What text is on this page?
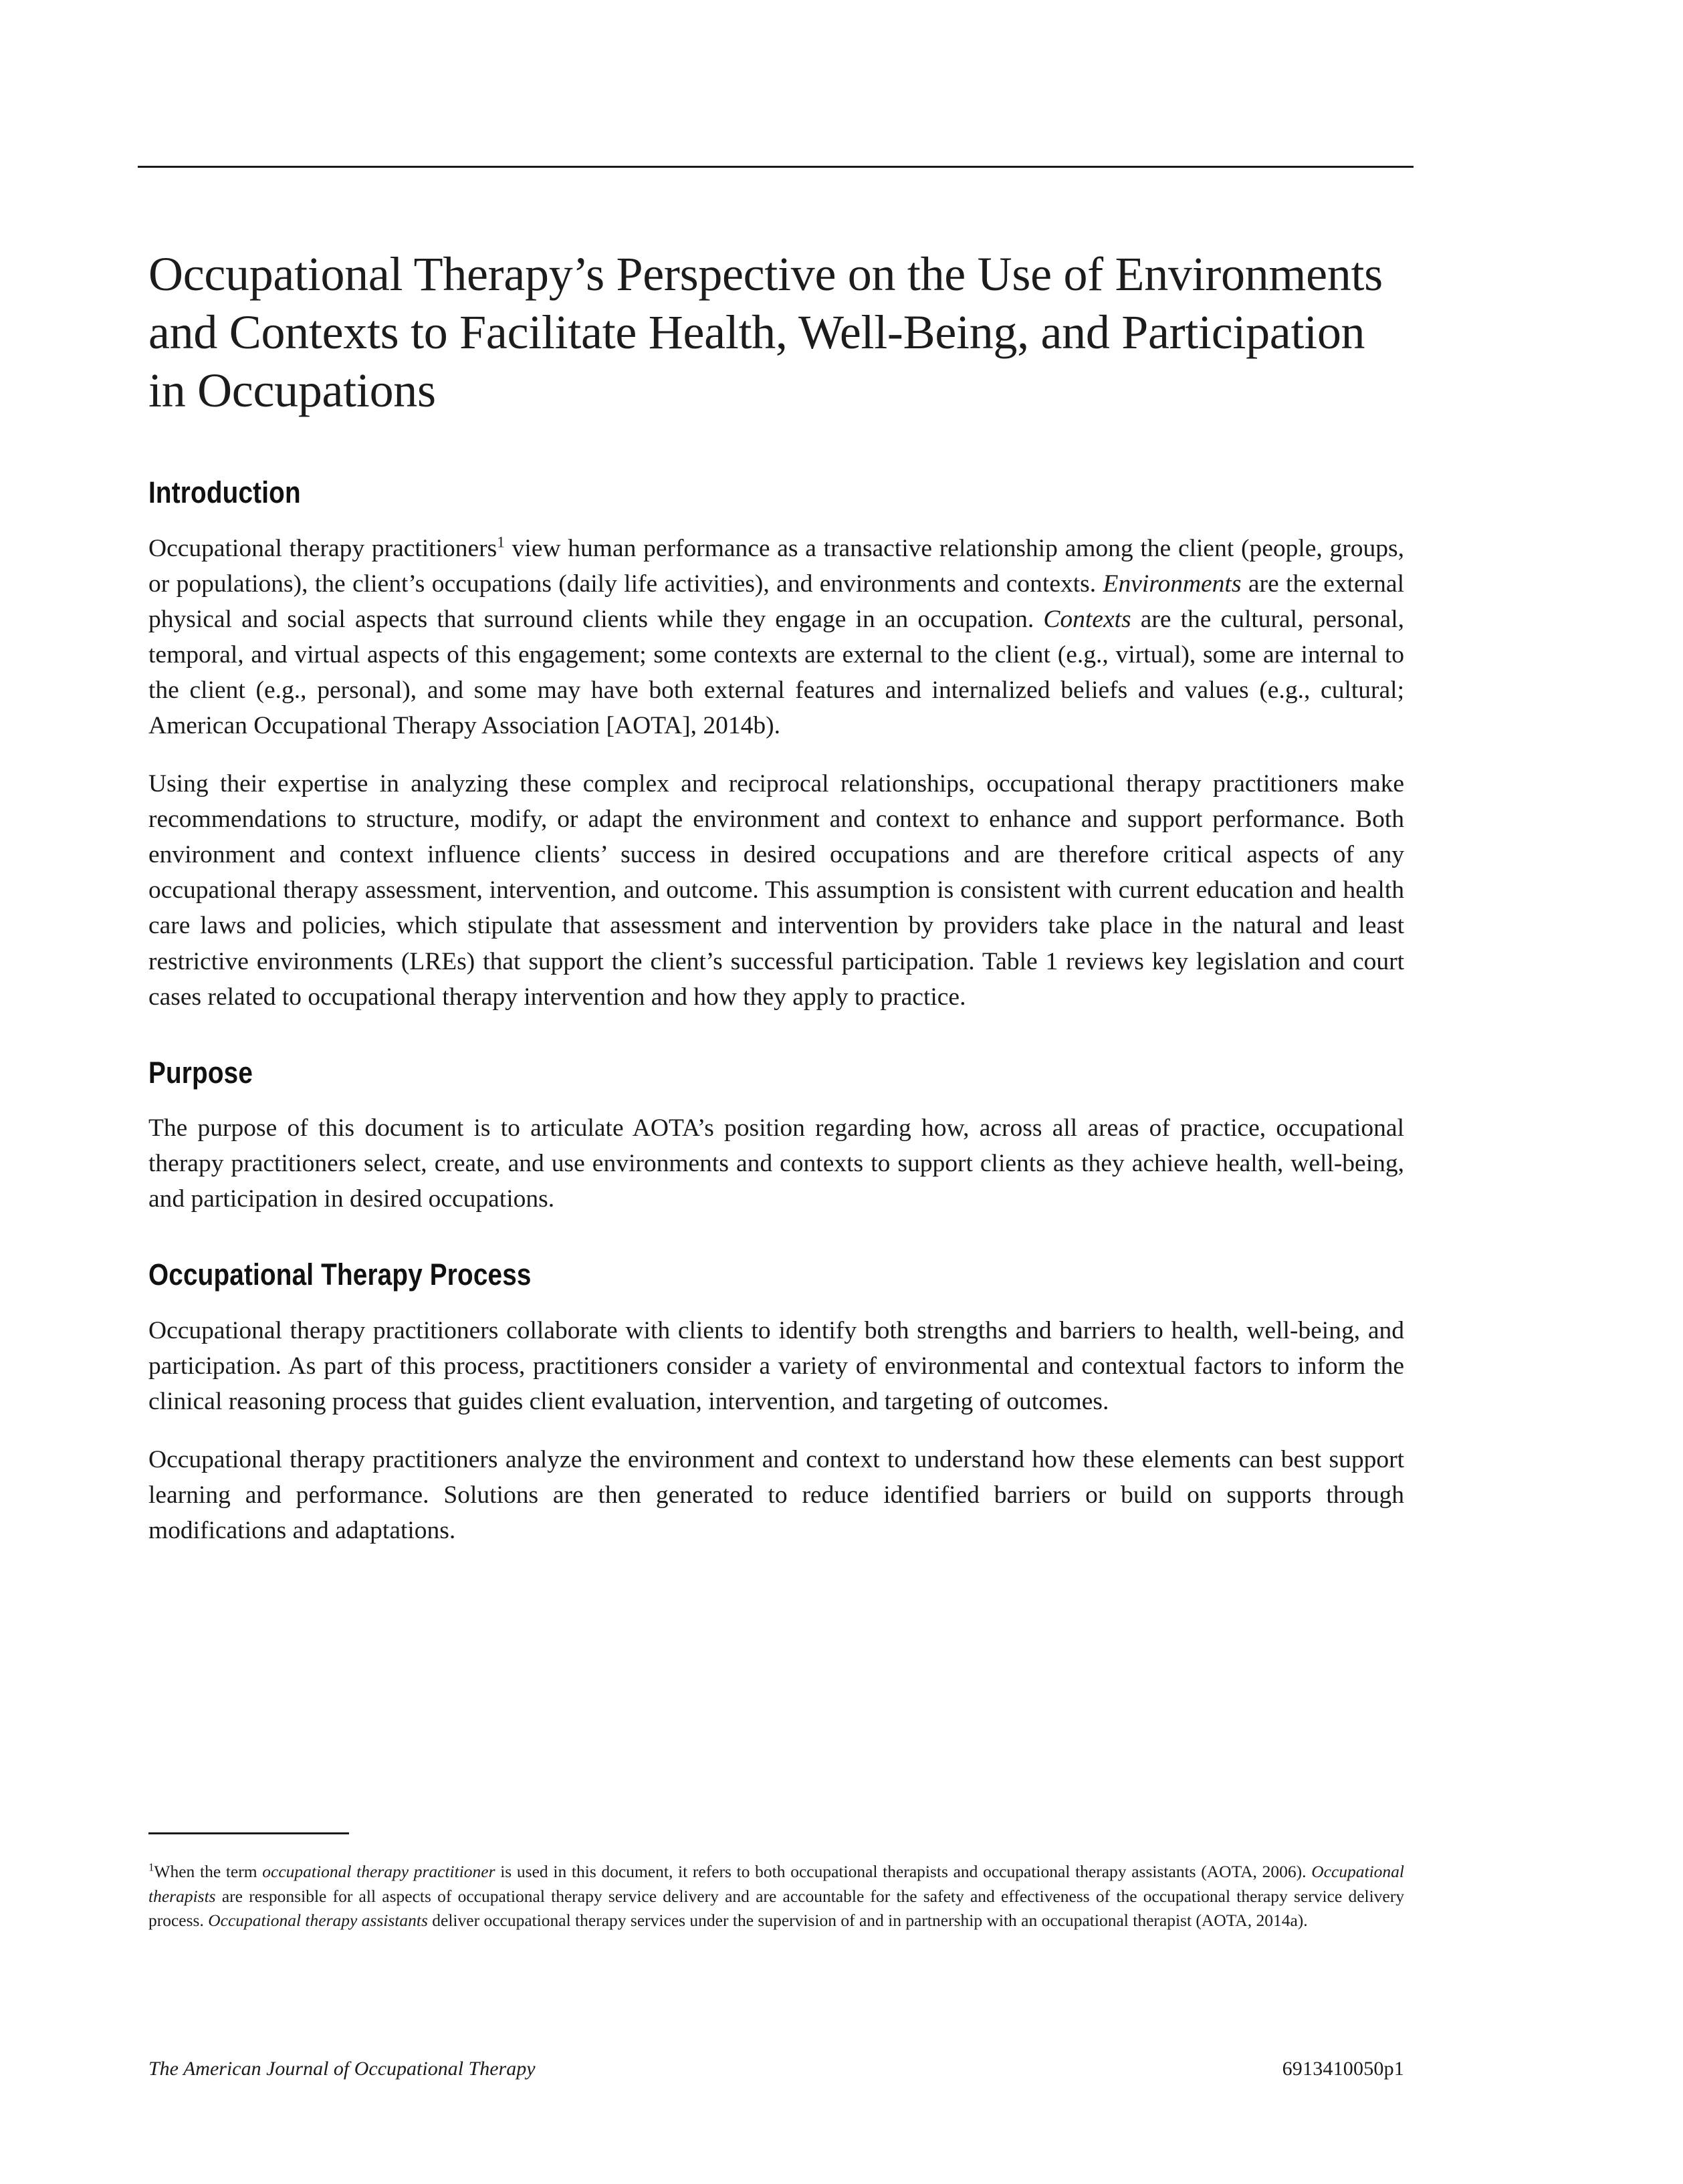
Occupational Therapy’s Perspective on the Use of Environments and Contexts to Facilitate Health, Well-Being, and Participation in Occupations
Introduction

Occupational therapy practitioners$^1$ view human performance as a transactive relationship among the client (people, groups, or populations), the client’s occupations (daily life activities), and environments and contexts. Environments are the external physical and social aspects that surround clients while they engage in an occupation. Contexts are the cultural, personal, temporal, and virtual aspects of this engagement; some contexts are external to the client (e.g., virtual), some are internal to the client (e.g., personal), and some may have both external features and internalized beliefs and values (e.g., cultural; American Occupational Therapy Association [AOTA], 2014b).

Using their expertise in analyzing these complex and reciprocal relationships, occupational therapy practitioners make recommendations to structure, modify, or adapt the environment and context to enhance and support performance. Both environment and context influence clients’ success in desired occupations and are therefore critical aspects of any occupational therapy assessment, intervention, and outcome. This assumption is consistent with current education and health care laws and policies, which stipulate that assessment and intervention by providers take place in the natural and least restrictive environments (LREs) that support the client’s successful participation. Table 1 reviews key legislation and court cases related to occupational therapy intervention and how they apply to practice.

Purpose

The purpose of this document is to articulate AOTA’s position regarding how, across all areas of practice, occupational therapy practitioners select, create, and use environments and contexts to support clients as they achieve health, well-being, and participation in desired occupations.

Occupational Therapy Process

Occupational therapy practitioners collaborate with clients to identify both strengths and barriers to health, well-being, and participation. As part of this process, practitioners consider a variety of environmental and contextual factors to inform the clinical reasoning process that guides client evaluation, intervention, and targeting of outcomes.

Occupational therapy practitioners analyze the environment and context to understand how these elements can best support learning and performance. Solutions are then generated to reduce identified barriers or build on supports through modifications and adaptations.

$^1$When the term occupational therapy practitioner is used in this document, it refers to both occupational therapists and occupational therapy assistants (AOTA, 2006). Occupational therapists are responsible for all aspects of occupational therapy service delivery and are accountable for the safety and effectiveness of the occupational therapy service delivery process. Occupational therapy assistants deliver occupational therapy services under the supervision of and in partnership with an occupational therapist (AOTA, 2014a).

The American Journal of Occupational Therapy	6913410050p1
